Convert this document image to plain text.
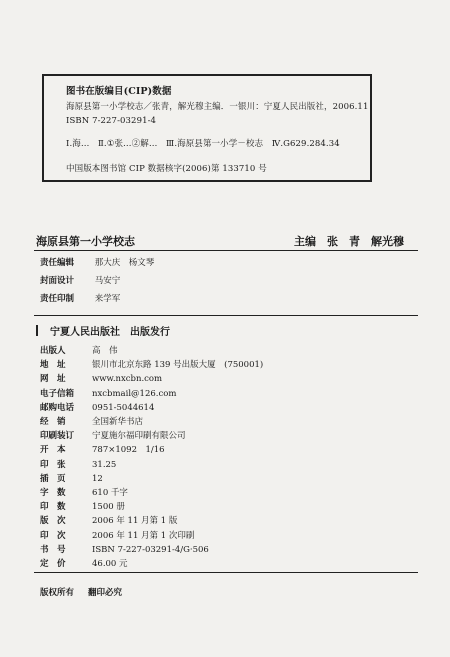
图书在版编目(CIP)数据
海原县第一小学校志／张青，解光穆主编．一银川：宁夏人民出版社，2006.11
ISBN 7-227-03291-4
Ⅰ.海…　Ⅱ.①张…②解…　Ⅲ.海原县第一小学－校志　Ⅳ.G629.284.34
中国版本图书馆 CIP 数据核字(2006)第 133710 号
海原县第一小学校志	主编　张　青　解光穆
责任编辑 那大庆　杨文琴
封面设计 马安宁
责任印制 来学军
宁夏人民出版社　出版发行
出版人	高　伟
地　址	银川市北京东路 139 号出版大厦　(750001)
网　址	www.nxcbn.com
电子信箱 nxcbmail@126.com
邮购电话 0951-5044614
经　销	全国新华书店
印刷装订 宁夏施尔福印刷有限公司
开　本	787×1092　1/16
印　张	31.25
插　页	12
字　数	610 千字
印　数	1500 册
版　次	2006 年 11 月第 1 版
印　次	2006 年 11 月第 1 次印刷
书　号	ISBN 7-227-03291-4/G·506
定　价	46.00 元
版权所有 翻印必究
